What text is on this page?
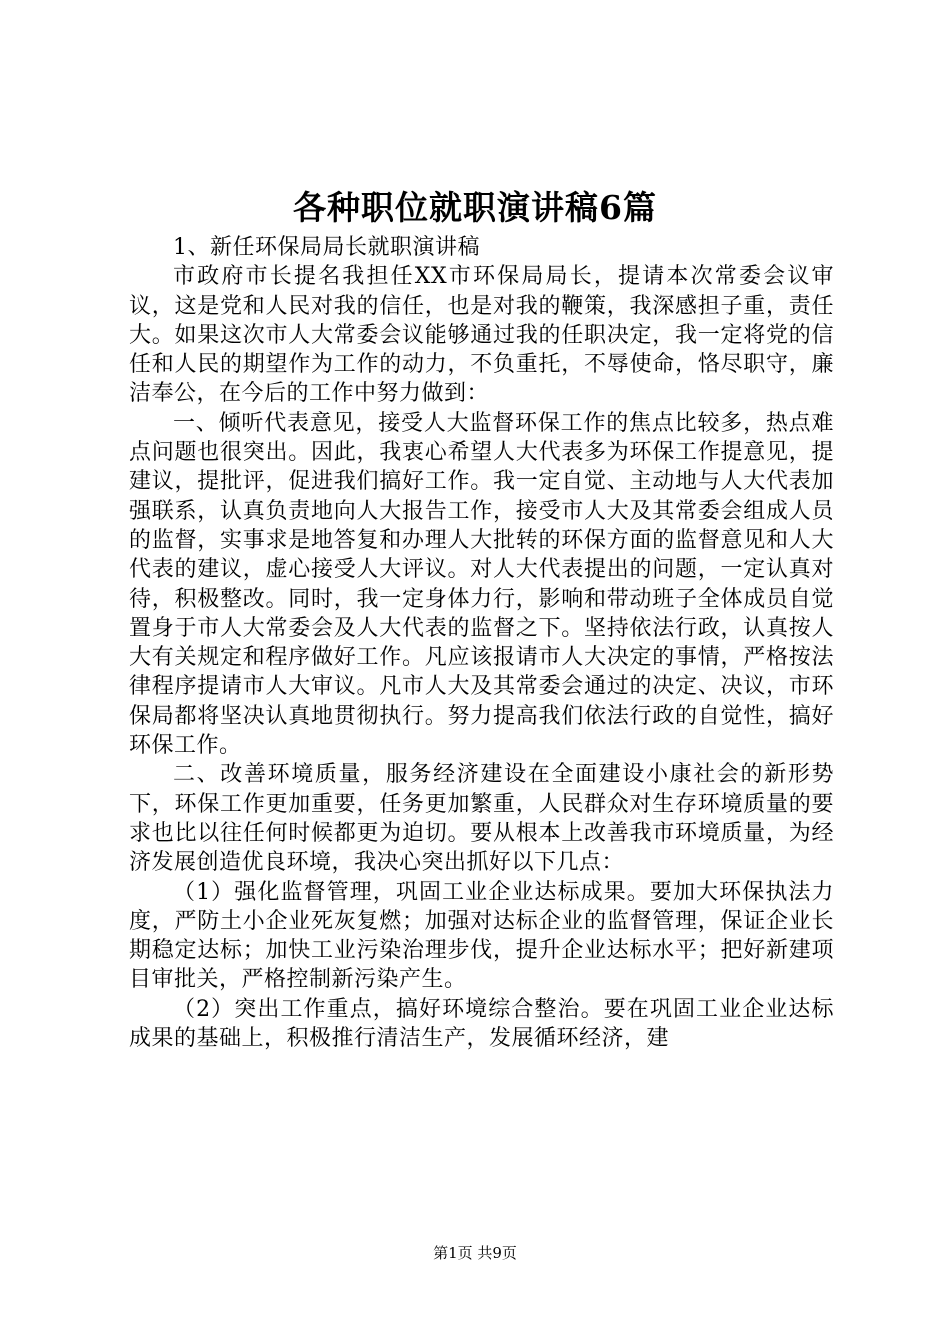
各种职位就职演讲稿6篇

1、新任环保局局长就职演讲稿

市政府市长提名我担任XX市环保局局长，提请本次常委会议审议，这是党和人民对我的信任，也是对我的鞭策，我深感担子重，责任大。如果这次市人大常委会议能够通过我的任职决定，我一定将党的信任和人民的期望作为工作的动力，不负重托，不辱使命，恪尽职守，廉洁奉公，在今后的工作中努力做到：

一、倾听代表意见，接受人大监督环保工作的焦点比较多，热点难点问题也很突出。因此，我衷心希望人大代表多为环保工作提意见，提建议，提批评，促进我们搞好工作。我一定自觉、主动地与人大代表加强联系，认真负责地向人大报告工作，接受市人大及其常委会组成人员的监督，实事求是地答复和办理人大批转的环保方面的监督意见和人大代表的建议，虚心接受人大评议。对人大代表提出的问题，一定认真对待，积极整改。同时，我一定身体力行，影响和带动班子全体成员自觉置身于市人大常委会及人大代表的监督之下。坚持依法行政，认真按人大有关规定和程序做好工作。凡应该报请市人大决定的事情，严格按法律程序提请市人大审议。凡市人大及其常委会通过的决定、决议，市环保局都将坚决认真地贯彻执行。努力提高我们依法行政的自觉性，搞好环保工作。

二、改善环境质量，服务经济建设在全面建设小康社会的新形势下，环保工作更加重要，任务更加繁重，人民群众对生存环境质量的要求也比以往任何时候都更为迫切。要从根本上改善我市环境质量，为经济发展创造优良环境，我决心突出抓好以下几点：

（1）强化监督管理，巩固工业企业达标成果。要加大环保执法力度，严防土小企业死灰复燃；加强对达标企业的监督管理，保证企业长期稳定达标；加快工业污染治理步伐，提升企业达标水平；把好新建项目审批关，严格控制新污染产生。

（2）突出工作重点，搞好环境综合整治。要在巩固工业企业达标成果的基础上，积极推行清洁生产，发展循环经济，建

第1页 共9页
